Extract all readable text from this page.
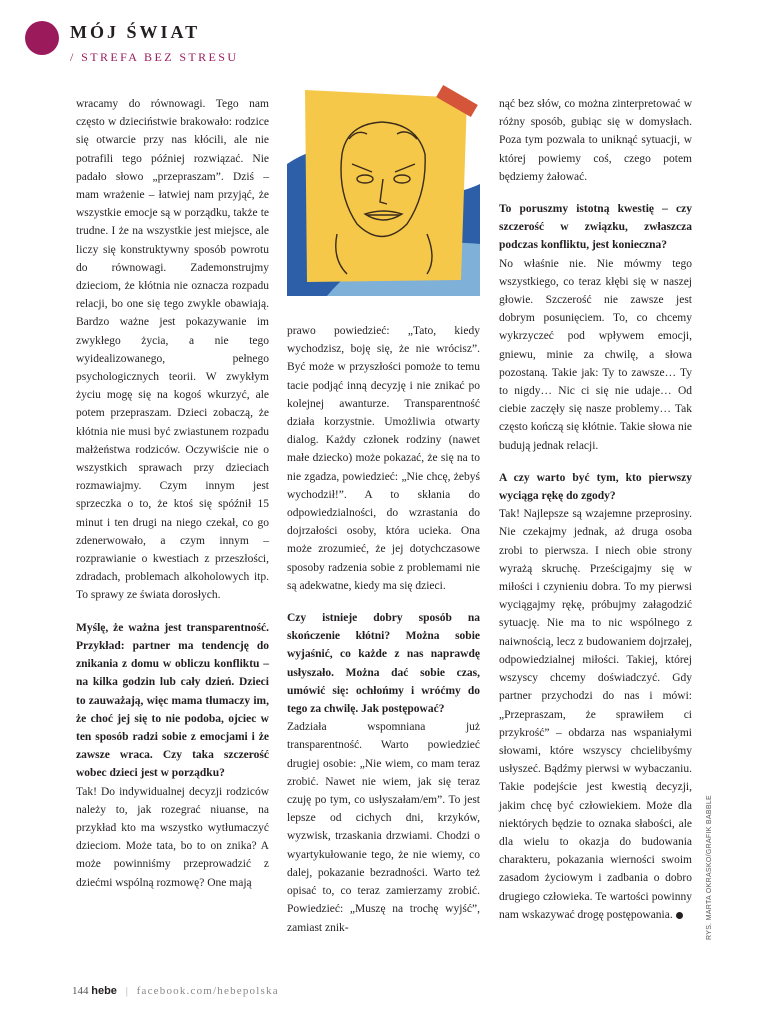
MÓJ ŚWIAT
/ STREFA BEZ STRESU

wracamy do równowagi. Tego nam często w dzieciństwie brakowało: rodzice się otwarcie przy nas kłócili, ale nie potrafili tego później rozwiązać. Nie padało słowo „przepraszam”. Dziś – mam wrażenie – łatwiej nam przyjąć, że wszystkie emocje są w porządku, także te trudne. I że na wszystkie jest miejsce, ale liczy się konstruktywny sposób powrotu do równowagi. Zademonstrujmy dzieciom, że kłótnia nie oznacza rozpadu relacji, bo one się tego zwykle obawiają. Bardzo ważne jest pokazywanie im zwykłego życia, a nie tego wyidealizowanego, pełnego psychologicznych teorii. W zwykłym życiu mogę się na kogoś wkurzyć, ale potem przepraszam. Dzieci zobaczą, że kłótnia nie musi być zwiastunem rozpadu małżeństwa rodziców. Oczywiście nie o wszystkich sprawach przy dzieciach rozmawiajmy. Czym innym jest sprzeczka o to, że ktoś się spóźnił 15 minut i ten drugi na niego czekał, co go zdenerwowało, a czym innym – rozprawianie o kwestiach z przeszłości, zdradach, problemach alkoholowych itp. To sprawy ze świata dorosłych.

Myślę, że ważna jest transparentność. Przykład: partner ma tendencję do znikania z domu w obliczu konfliktu – na kilka godzin lub cały dzień. Dzieci to zauważają, więc mama tłumaczy im, że choć jej się to nie podoba, ojciec w ten sposób radzi sobie z emocjami i że zawsze wraca. Czy taka szczerość wobec dzieci jest w porządku?

Tak! Do indywidualnej decyzji rodziców należy to, jak rozegrać niuanse, na przykład kto ma wszystko wytłumaczyć dzieciom. Może tata, bo to on znika? A może powinniśmy przeprowadzić z dziećmi wspólną rozmowę? One mają

prawo powiedzieć: „Tato, kiedy wychodzisz, boję się, że nie wrócisz”. Być może w przyszłości pomoże to temu tacie podjąć inną decyzję i nie znikać po kolejnej awanturze. Transparentność działa korzystnie. Umożliwia otwarty dialog. Każdy członek rodziny (nawet małe dziecko) może pokazać, że się na to nie zgadza, powiedzieć: „Nie chcę, żebyś wychodził!”. A to skłania do odpowiedzialności, do wzrastania do dojrzałości osoby, która ucieka. Ona może zrozumieć, że jej dotychczasowe sposoby radzenia sobie z problemami nie są adekwatne, kiedy ma się dzieci.

Czy istnieje dobry sposób na skończenie kłótni? Można sobie wyjaśnić, co każde z nas naprawdę usłyszało. Można dać sobie czas, umówić się: ochłońmy i wróćmy do tego za chwilę. Jak postępować?

Zadziała wspomniana już transparentność. Warto powiedzieć drugiej osobie: „Nie wiem, co mam teraz zrobić. Nawet nie wiem, jak się teraz czuję po tym, co usłyszałam/em”. To jest lepsze od cichych dni, krzyków, wyzwisk, trzaskania drzwiami. Chodzi o wyartykułowanie tego, że nie wiemy, co dalej, pokazanie bezradności. Warto też opisać to, co teraz zamierzamy zrobić. Powiedzieć: „Muszę na trochę wyjść”, zamiast znik-

nąć bez słów, co można zinterpretować w różny sposób, gubiąc się w domysłach. Poza tym pozwala to uniknąć sytuacji, w której powiemy coś, czego potem będziemy żałować.

To poruszmy istotną kwestię – czy szczerość w związku, zwłaszcza podczas konfliktu, jest konieczna?

No właśnie nie. Nie mówmy tego wszystkiego, co teraz kłębi się w naszej głowie. Szczerość nie zawsze jest dobrym posunięciem. To, co chcemy wykrzyczeć pod wpływem emocji, gniewu, minie za chwilę, a słowa pozostaną. Takie jak: Ty to zawsze… Ty to nigdy… Nic ci się nie udaje… Od ciebie zaczęły się nasze problemy… Tak często kończą się kłótnie. Takie słowa nie budują jednak relacji.

A czy warto być tym, kto pierwszy wyciąga rękę do zgody?

Tak! Najlepsze są wzajemne przeprosiny. Nie czekajmy jednak, aż druga osoba zrobi to pierwsza. I niech obie strony wyrażą skruchę. Prześcigajmy się w miłości i czynieniu dobra. To my pierwsi wyciągajmy rękę, próbujmy załagodzić sytuację. Nie ma to nic wspólnego z naiwnością, lecz z budowaniem dojrzałej, odpowiedzialnej miłości. Takiej, której wszyscy chcemy doświadczyć. Gdy partner przychodzi do nas i mówi: „Przepraszam, że sprawiłem ci przykrość” – obdarza nas wspaniałymi słowami, które wszyscy chcielibyśmy usłyszeć. Bądźmy pierwsi w wybaczaniu. Takie podejście jest kwestią decyzji, jakim chcę być człowiekiem. Może dla niektórych będzie to oznaka słabości, ale dla wielu to okazja do budowania charakteru, pokazania wierności swoim zasadom życiowym i zadbania o dobro drugiego człowieka. Te wartości powinny nam wskazywać drogę postępowania.	RYS. MARTA OKRASKO/GRAFIK BABBLE
144 hebe | facebook.com/hebepolska
